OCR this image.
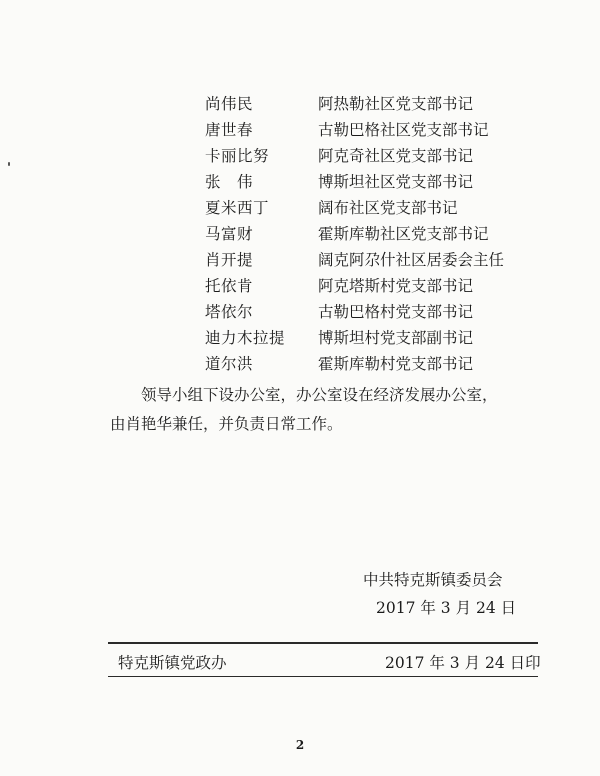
尚伟民	阿热勒社区党支部书记
唐世春	古勒巴格社区党支部书记
卡丽比努	阿克奇社区党支部书记
张　伟	博斯坦社区党支部书记
夏米西丁	阔布社区党支部书记
马富财	霍斯库勒社区党支部书记
肖开提	阔克阿尕什社区居委会主任
托依肯	阿克塔斯村党支部书记
塔依尔	古勒巴格村党支部书记
迪力木拉提 博斯坦村党支部副书记
道尔洪	霍斯库勒村党支部书记
领导小组下设办公室，办公室设在经济发展办公室，由肖艳华兼任，并负责日常工作。
中共特克斯镇委员会
2017 年 3 月 24 日
特克斯镇党政办	2017 年 3 月 24 日印
2
